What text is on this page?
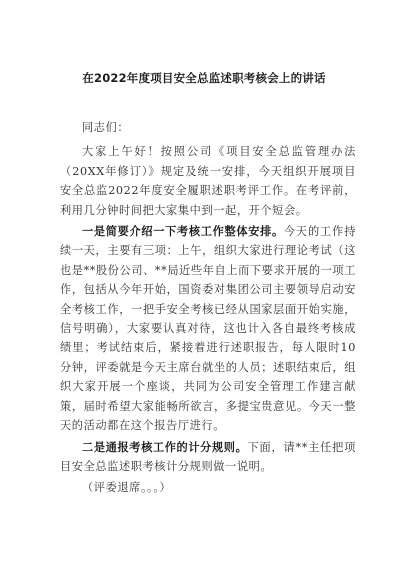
在2022年度项目安全总监述职考核会上的讲话

同志们：

大家上午好！按照公司《项目安全总监管理办法（20XX年修订）》规定及统一安排，今天组织开展项目安全总监2022年度安全履职述职考评工作。在考评前，利用几分钟时间把大家集中到一起，开个短会。

一是简要介绍一下考核工作整体安排。今天的工作持续一天，主要有三项：上午，组织大家进行理论考试（这也是**股份公司、**局近些年自上而下要求开展的一项工作，包括从今年开始，国资委对集团公司主要领导启动安全考核工作，一把手安全考核已经从国家层面开始实施，信号明确），大家要认真对待，这也计入各自最终考核成绩里；考试结束后，紧接着进行述职报告，每人限时10分钟，评委就是今天主席台就坐的人员；述职结束后，组织大家开展一个座谈，共同为公司安全管理工作建言献策，届时希望大家能畅所欲言，多提宝贵意见。今天一整天的活动都在这个报告厅进行。

二是通报考核工作的计分规则。下面，请**主任把项目安全总监述职考核计分规则做一说明。

（评委退席。。。）
